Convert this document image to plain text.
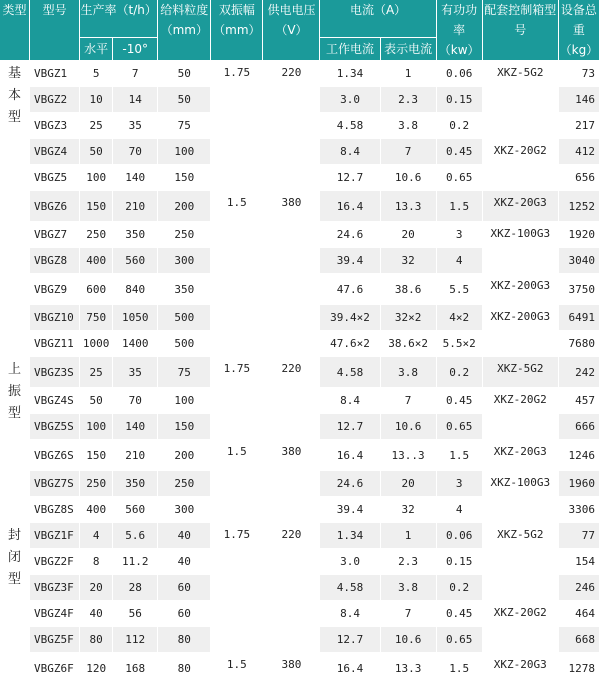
类型	型号	生产率（t/h）		给料粒度（mm）	双振幅（mm）	供电电压（V）	电流（A）		有功功率（kw）	配套控制箱型号	设备总重（kg）
		水平	-10°				工作电流	表示电流			
基本型	VBGZ1	5	7	50	1.75	220	1.34	1	0.06	XKZ-5G2	73
	VBGZ2	10	14	50			3.0	2.3	0.15		146
	VBGZ3	25	35	75			4.58	3.8	0.2		217
	VBGZ4	50	70	100			8.4	7	0.45	XKZ-20G2	412
	VBGZ5	100	140	150			12.7	10.6	0.65		656
	VBGZ6	150	210	200	1.5	380	16.4	13.3	1.5	XKZ-20G3	1252
	VBGZ7	250	350	250			24.6	20	3	XKZ-100G3	1920
	VBGZ8	400	560	300			39.4	32	4		3040
	VBGZ9	600	840	350			47.6	38.6	5.5	XKZ-200G3	3750
	VBGZ10	750	1050	500			39.4×2	32×2	4×2	XKZ-200G3	6491
	VBGZ11	1000	1400	500			47.6×2	38.6×2	5.5×2		7680
上振型	VBGZ3S	25	35	75	1.75	220	4.58	3.8	0.2	XKZ-5G2	242
	VBGZ4S	50	70	100			8.4	7	0.45	XKZ-20G2	457
	VBGZ5S	100	140	150			12.7	10.6	0.65		666
	VBGZ6S	150	210	200	1.5	380	16.4	13..3	1.5	XKZ-20G3	1246
	VBGZ7S	250	350	250			24.6	20	3	XKZ-100G3	1960
	VBGZ8S	400	560	300			39.4	32	4		3306
封闭型	VBGZ1F	4	5.6	40	1.75	220	1.34	1	0.06	XKZ-5G2	77
	VBGZ2F	8	11.2	40			3.0	2.3	0.15		154
	VBGZ3F	20	28	60			4.58	3.8	0.2		246
	VBGZ4F	40	56	60			8.4	7	0.45	XKZ-20G2	464
	VBGZ5F	80	112	80			12.7	10.6	0.65		668
	VBGZ6F	120	168	80	1.5	380	16.4	13.3	1.5	XKZ-20G3	1278
